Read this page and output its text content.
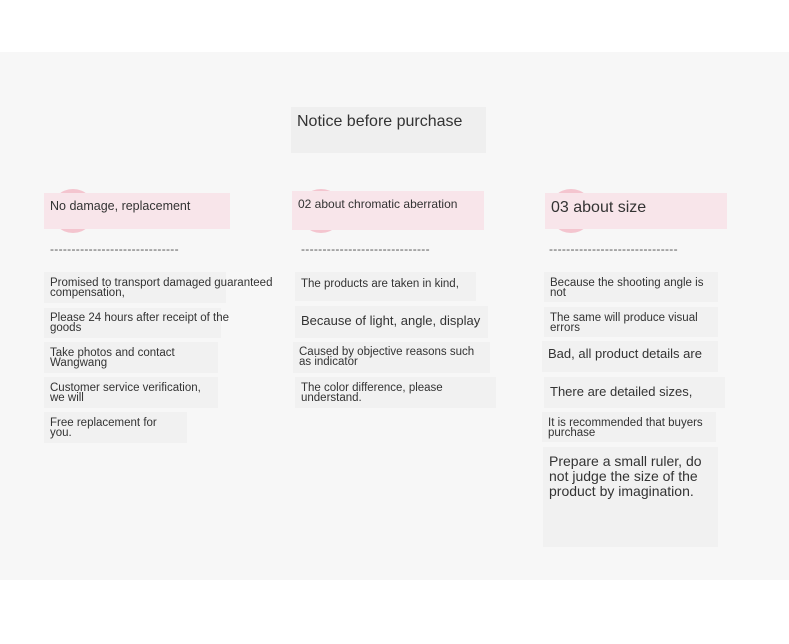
Notice before purchase
No damage, replacement
------------------------------
Promised to transport damaged guaranteed compensation,
Please 24 hours after receipt of the goods
Take photos and contact Wangwang
Customer service verification, we will
Free replacement for you.
02 about chromatic aberration
------------------------------
The products are taken in kind,
Because of light, angle, display
Caused by objective reasons such as indicator
The color difference, please understand.
03 about size
------------------------------
Because the shooting angle is not
The same will produce visual errors
Bad, all product details are
There are detailed sizes,
It is recommended that buyers purchase
Prepare a small ruler, do not judge the size of the product by imagination.
